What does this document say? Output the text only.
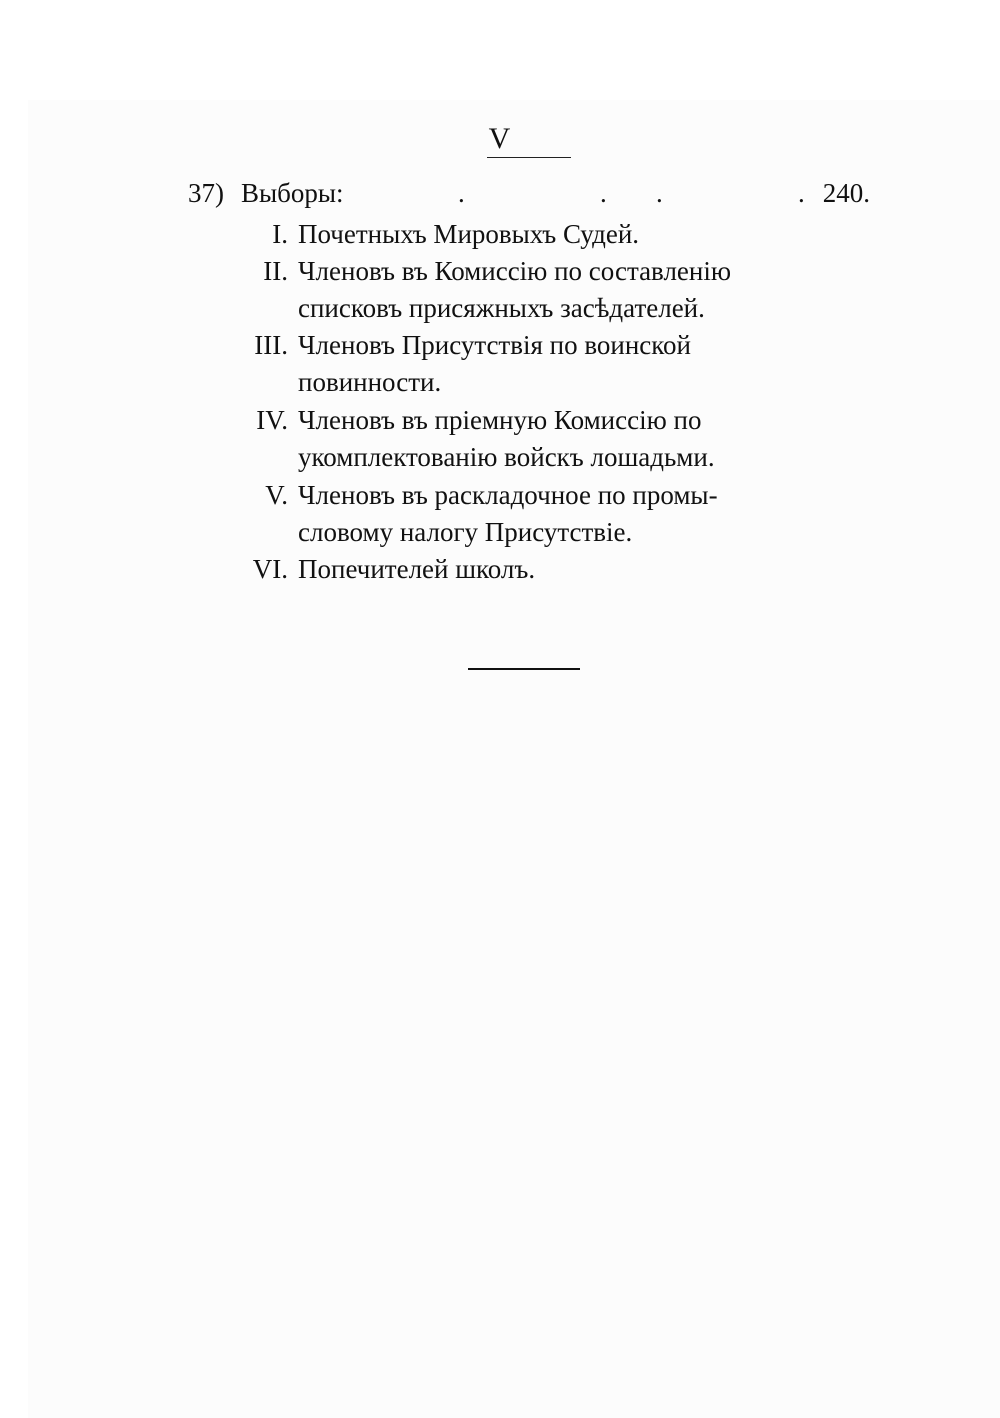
V
37) Выборы:	.	. .	. 240.
I. Почетныхъ Мировыхъ Судей.
II. Членовъ въ Комиссію по составленію
списковъ присяжныхъ засѣдателей.
III. Членовъ Присутствія по воинской
повинности.
IV. Членовъ въ пріемную Комиссію по
укомплектованію войскъ лошадьми.
V. Членовъ въ раскладочное по промы-
словому налогу Присутствіе.
VI. Попечителей школъ.
